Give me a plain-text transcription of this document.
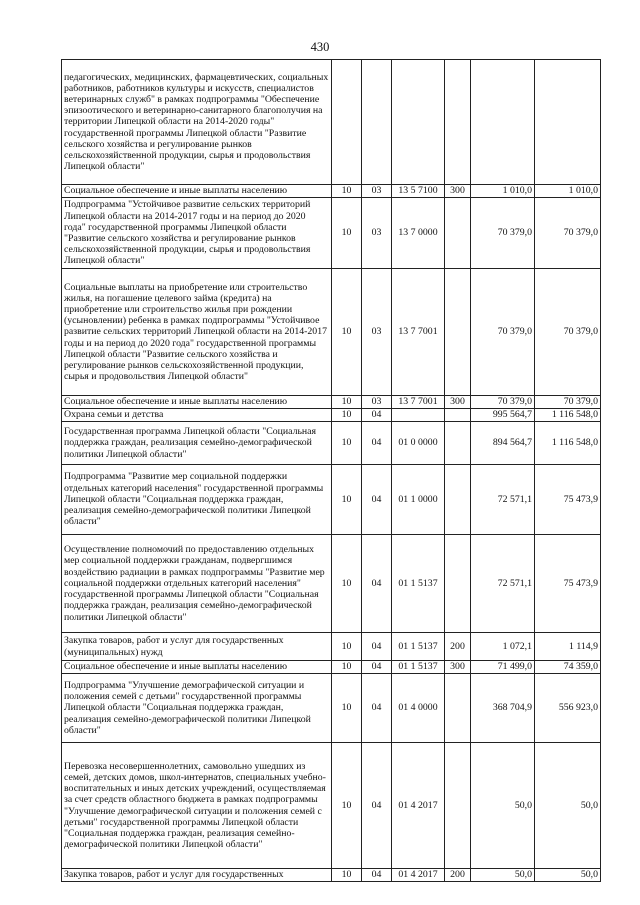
430
педагогических, медицинских, фармацевтических, социальных работников, работников культуры и искусств, специалистов ветеринарных служб" в рамках подпрограммы "Обеспечение эпизоотического и ветеринарно-санитарного благополучия на территории Липецкой области на 2014-2020 годы" государственной программы Липецкой области "Развитие сельского хозяйства и регулирование рынков сельскохозяйственной продукции, сырья и продовольствия Липецкой области"						
Социальное обеспечение и иные выплаты населению	10	03	13 5 7100	300	1 010,0	1 010,0
Подпрограмма "Устойчивое развитие сельских территорий Липецкой области на 2014-2017 годы и на период до 2020 года" государственной программы Липецкой области "Развитие сельского хозяйства и регулирование рынков сельскохозяйственной продукции, сырья и продовольствия Липецкой области"	10	03	13 7 0000		70 379,0	70 379,0
Социальные выплаты на приобретение или строительство жилья, на погашение целевого займа (кредита) на приобретение или строительство жилья при рождении (усыновлении) ребенка в рамках подпрограммы "Устойчивое развитие сельских территорий Липецкой области на 2014-2017 годы и на период до 2020 года" государственной программы Липецкой области "Развитие сельского хозяйства и регулирование рынков сельскохозяйственной продукции, сырья и продовольствия Липецкой области"	10	03	13 7 7001		70 379,0	70 379,0
Социальное обеспечение и иные выплаты населению	10	03	13 7 7001	300	70 379,0	70 379,0
Охрана семьи и детства	10	04			995 564,7	1 116 548,0
Государственная программа Липецкой области "Социальная поддержка граждан, реализация семейно-демографической политики Липецкой области"	10	04	01 0 0000		894 564,7	1 116 548,0
Подпрограмма "Развитие мер социальной поддержки отдельных категорий населения" государственной программы Липецкой области "Социальная поддержка граждан, реализация семейно-демографической политики Липецкой области"	10	04	01 1 0000		72 571,1	75 473,9
Осуществление полномочий по предоставлению отдельных мер социальной поддержки гражданам, подвергшимся воздействию радиации в рамках подпрограммы "Развитие мер социальной поддержки отдельных категорий населения" государственной программы Липецкой области "Социальная поддержка граждан, реализация семейно-демографической политики Липецкой области"	10	04	01 1 5137		72 571,1	75 473,9
Закупка товаров, работ и услуг для государственных (муниципальных) нужд	10	04	01 1 5137	200	1 072,1	1 114,9
Социальное обеспечение и иные выплаты населению	10	04	01 1 5137	300	71 499,0	74 359,0
Подпрограмма "Улучшение демографической ситуации и положения семей с детьми" государственной программы Липецкой области "Социальная поддержка граждан, реализация семейно-демографической политики Липецкой области"	10	04	01 4 0000		368 704,9	556 923,0
Перевозка несовершеннолетних, самовольно ушедших из семей, детских домов, школ-интернатов, специальных учебно-воспитательных и иных детских учреждений, осуществляемая за счет средств областного бюджета в рамках подпрограммы "Улучшение демографической ситуации и положения семей с детьми" государственной программы Липецкой области "Социальная поддержка граждан, реализация семейно-демографической политики Липецкой области"	10	04	01 4 2017		50,0	50,0
Закупка товаров, работ и услуг для государственных	10	04	01 4 2017	200	50,0	50,0
